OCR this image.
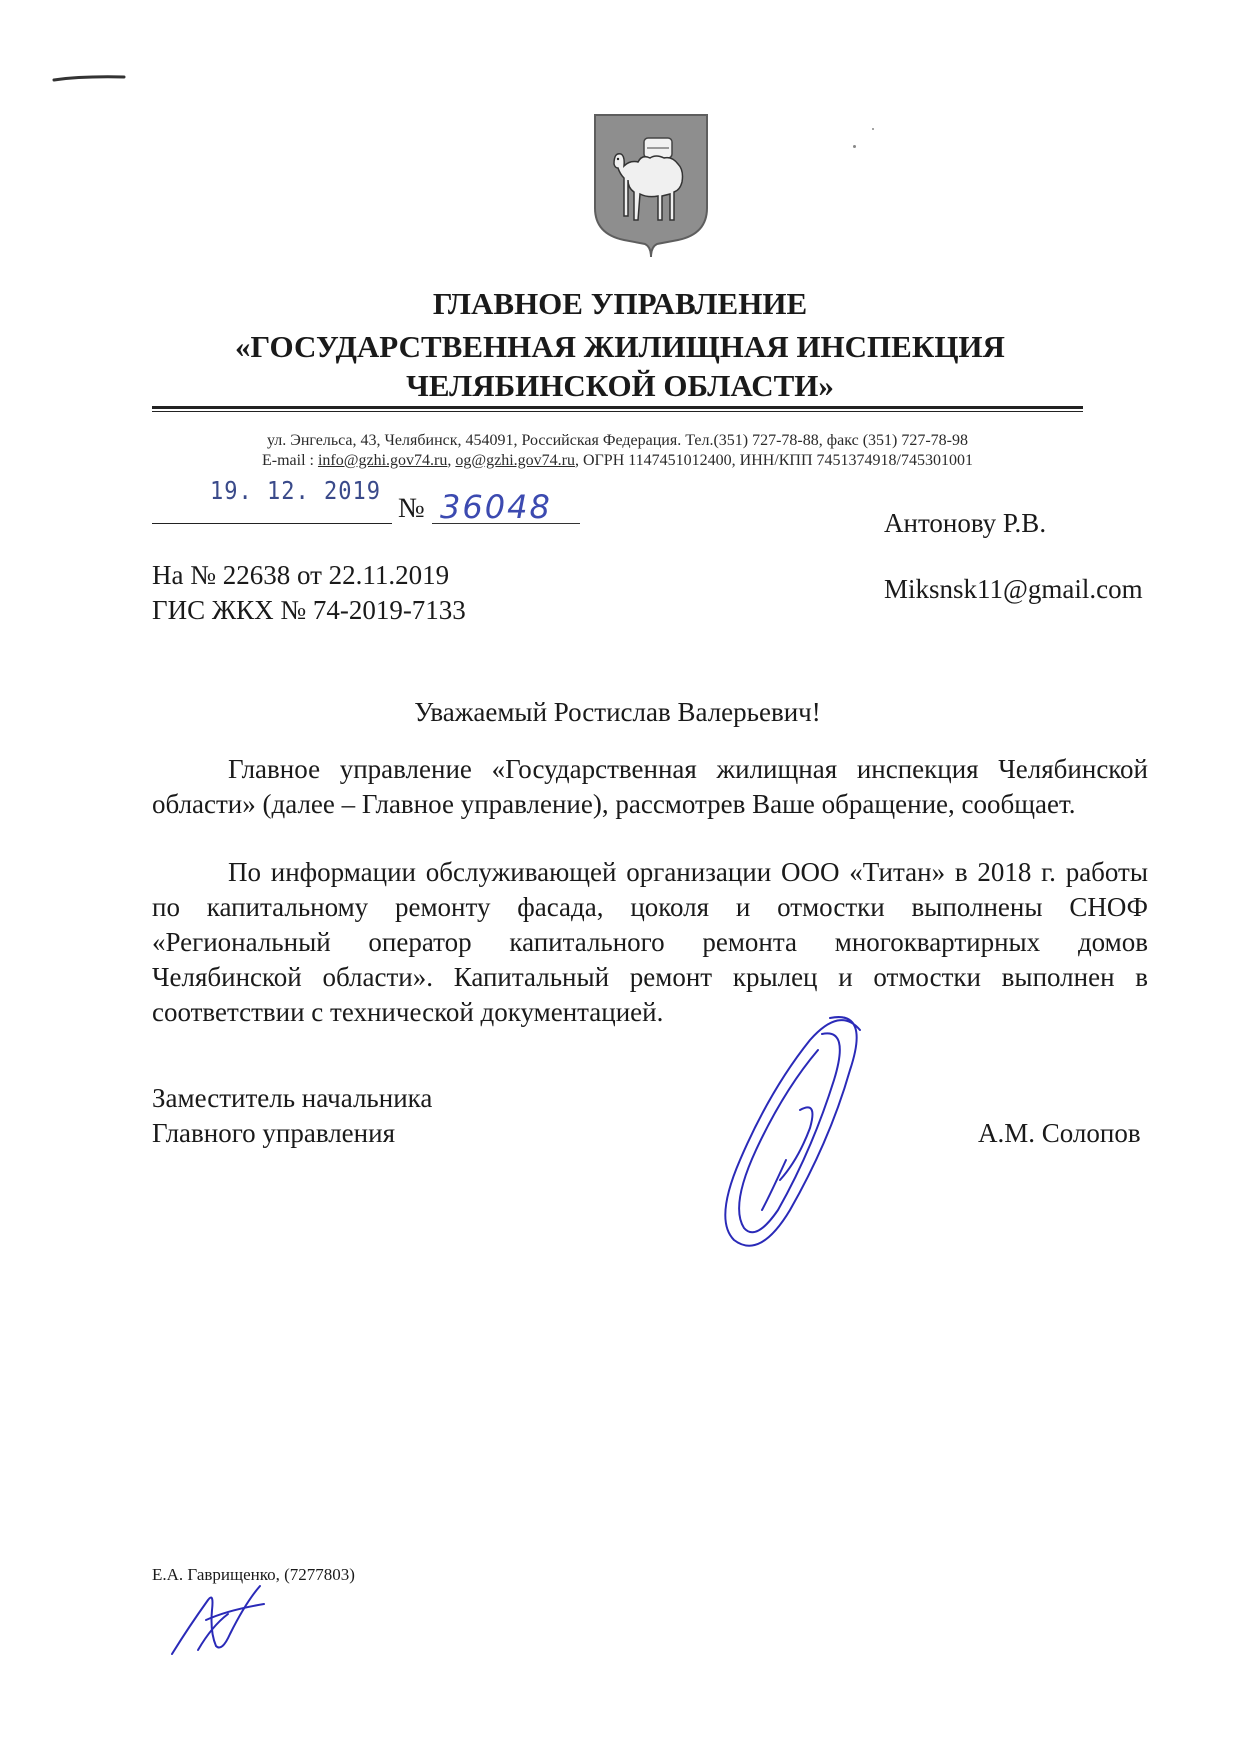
ГЛАВНОЕ УПРАВЛЕНИЕ
«ГОСУДАРСТВЕННАЯ ЖИЛИЩНАЯ ИНСПЕКЦИЯ
ЧЕЛЯБИНСКОЙ ОБЛАСТИ»
ул. Энгельса, 43, Челябинск, 454091, Российская Федерация. Тел.(351) 727-78-88, факс (351) 727-78-98
E-mail : info@gzhi.gov74.ru, og@gzhi.gov74.ru, ОГРН 1147451012400, ИНН/КПП 7451374918/745301001
19. 12. 2019
№ 36048	Антонову Р.В.
Miksnsk11@gmail.com
На № 22638 от 22.11.2019
ГИС ЖКХ № 74-2019-7133
Уважаемый Ростислав Валерьевич!

Главное управление «Государственная жилищная инспекция Челябинской области» (далее – Главное управление), рассмотрев Ваше обращение, сообщает.

По информации обслуживающей организации ООО «Титан» в 2018 г. работы по капитальному ремонту фасада, цоколя и отмостки выполнены СНОФ «Региональный оператор капитального ремонта многоквартирных домов Челябинской области». Капитальный ремонт крылец и отмостки выполнен в соответствии с технической документацией.

Заместитель начальника
Главного управления	А.М. Солопов
Е.А. Гаврищенко, (7277803)
